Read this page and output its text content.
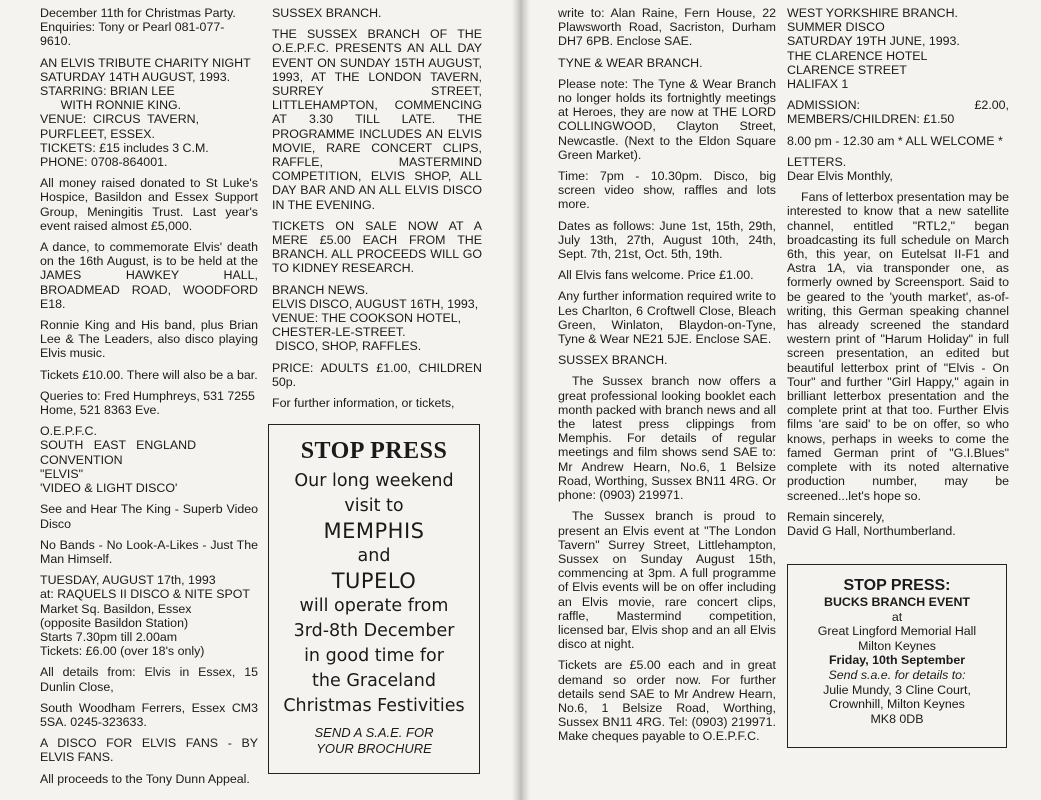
December 11th for Christmas Party.
Enquiries: Tony or Pearl 081-077-
9610.

AN ELVIS TRIBUTE CHARITY NIGHT
SATURDAY 14TH AUGUST, 1993.
STARRING: BRIAN LEE
WITH RONNIE KING.
VENUE:  CIRCUS  TAVERN,
PURFLEET, ESSEX.
TICKETS: £15 includes 3 C.M.
PHONE: 0708-864001.

All money raised donated to St Luke's Hospice, Basildon and Essex Support Group, Meningitis Trust. Last year's event raised almost £5,000.

A dance, to commemorate Elvis' death on the 16th August, is to be held at the JAMES HAWKEY HALL, BROADMEAD ROAD, WOODFORD E18.

Ronnie King and His band, plus Brian Lee & The Leaders, also disco playing Elvis music.

Tickets £10.00. There will also be a bar.

Queries to: Fred Humphreys, 531 7255
Home, 521 8363 Eve.

O.E.P.F.C.
SOUTH   EAST   ENGLAND
CONVENTION
"ELVIS"
'VIDEO & LIGHT DISCO'

See and Hear The King - Superb Video Disco

No Bands - No Look-A-Likes - Just The Man Himself.

TUESDAY, AUGUST 17th, 1993
at: RAQUELS II DISCO & NITE SPOT
Market Sq. Basildon, Essex
(opposite Basildon Station)
Starts 7.30pm till 2.00am
Tickets: £6.00 (over 18's only)

All details from: Elvis in Essex, 15 Dunlin Close,

South Woodham Ferrers, Essex CM3 5SA. 0245-323633.

A DISCO FOR ELVIS FANS - BY ELVIS FANS.

All proceeds to the Tony Dunn Appeal.

SUSSEX BRANCH.

THE SUSSEX BRANCH OF THE O.E.P.F.C. PRESENTS AN ALL DAY EVENT ON SUNDAY 15TH AUGUST, 1993, AT THE LONDON TAVERN, SURREY STREET, LITTLEHAMPTON, COMMENCING AT 3.30 TILL LATE. THE PROGRAMME INCLUDES AN ELVIS MOVIE, RARE CONCERT CLIPS, RAFFLE, MASTERMIND COMPETITION, ELVIS SHOP, ALL DAY BAR AND AN ALL ELVIS DISCO IN THE EVENING.

TICKETS ON SALE NOW AT A MERE £5.00 EACH FROM THE BRANCH. ALL PROCEEDS WILL GO TO KIDNEY RESEARCH.

BRANCH NEWS.
ELVIS DISCO, AUGUST 16TH, 1993,
VENUE: THE COOKSON HOTEL,
CHESTER-LE-STREET.
DISCO, SHOP, RAFFLES.

PRICE: ADULTS £1.00, CHILDREN 50p.

For further information, or tickets,

write to: Alan Raine, Fern House, 22 Plawsworth Road, Sacriston, Durham DH7 6PB. Enclose SAE.

TYNE & WEAR BRANCH.

Please note: The Tyne & Wear Branch no longer holds its fortnightly meetings at Heroes, they are now at THE LORD COLLINGWOOD, Clayton Street, Newcastle. (Next to the Eldon Square Green Market).

Time: 7pm - 10.30pm. Disco, big screen video show, raffles and lots more.

Dates as follows: June 1st, 15th, 29th, July 13th, 27th, August 10th, 24th, Sept. 7th, 21st, Oct. 5th, 19th.

All Elvis fans welcome. Price £1.00.

Any further information required write to Les Charlton, 6 Croftwell Close, Bleach Green, Winlaton, Blaydon-on-Tyne, Tyne & Wear NE21 5JE. Enclose SAE.

SUSSEX BRANCH.

The Sussex branch now offers a great professional looking booklet each month packed with branch news and all the latest press clippings from Memphis. For details of regular meetings and film shows send SAE to: Mr Andrew Hearn, No.6, 1 Belsize Road, Worthing, Sussex BN11 4RG. Or phone: (0903) 219971.

The Sussex branch is proud to present an Elvis event at "The London Tavern" Surrey Street, Littlehampton, Sussex on Sunday August 15th, commencing at 3pm. A full programme of Elvis events will be on offer including an Elvis movie, rare concert clips, raffle, Mastermind competition, licensed bar, Elvis shop and an all Elvis disco at night.

Tickets are £5.00 each and in great demand so order now. For further details send SAE to Mr Andrew Hearn, No.6, 1 Belsize Road, Worthing, Sussex BN11 4RG. Tel: (0903) 219971. Make cheques payable to O.E.P.F.C.

WEST YORKSHIRE BRANCH.
SUMMER DISCO
SATURDAY 19TH JUNE, 1993.
THE CLARENCE HOTEL
CLARENCE STREET
HALIFAX 1

ADMISSION: £2.00, MEMBERS/CHILDREN: £1.50

8.00 pm - 12.30 am * ALL WELCOME *

LETTERS.
Dear Elvis Monthly,

Fans of letterbox presentation may be interested to know that a new satellite channel, entitled "RTL2," began broadcasting its full schedule on March 6th, this year, on Eutelsat II-F1 and Astra 1A, via transponder one, as formerly owned by Screensport. Said to be geared to the 'youth market', as-of-writing, this German speaking channel has already screened the standard western print of "Harum Holiday" in full screen presentation, an edited but beautiful letterbox print of "Elvis - On Tour" and further "Girl Happy," again in brilliant letterbox presentation and the complete print at that too. Further Elvis films 'are said' to be on offer, so who knows, perhaps in weeks to come the famed German print of "G.I.Blues" complete with its noted alternative production number, may be screened...let's hope so.

Remain sincerely,
David G Hall, Northumberland.

STOP PRESS
Our long weekend
visit to
MEMPHIS
and
TUPELO
will operate from
3rd-8th December
in good time for
the Graceland
Christmas Festivities
SEND A S.A.E. FOR
YOUR BROCHURE
STOP PRESS:
BUCKS BRANCH EVENT
at
Great Lingford Memorial Hall
Milton Keynes
Friday, 10th September
Send s.a.e. for details to:
Julie Mundy, 3 Cline Court,
Crownhill, Milton Keynes
MK8 0DB
